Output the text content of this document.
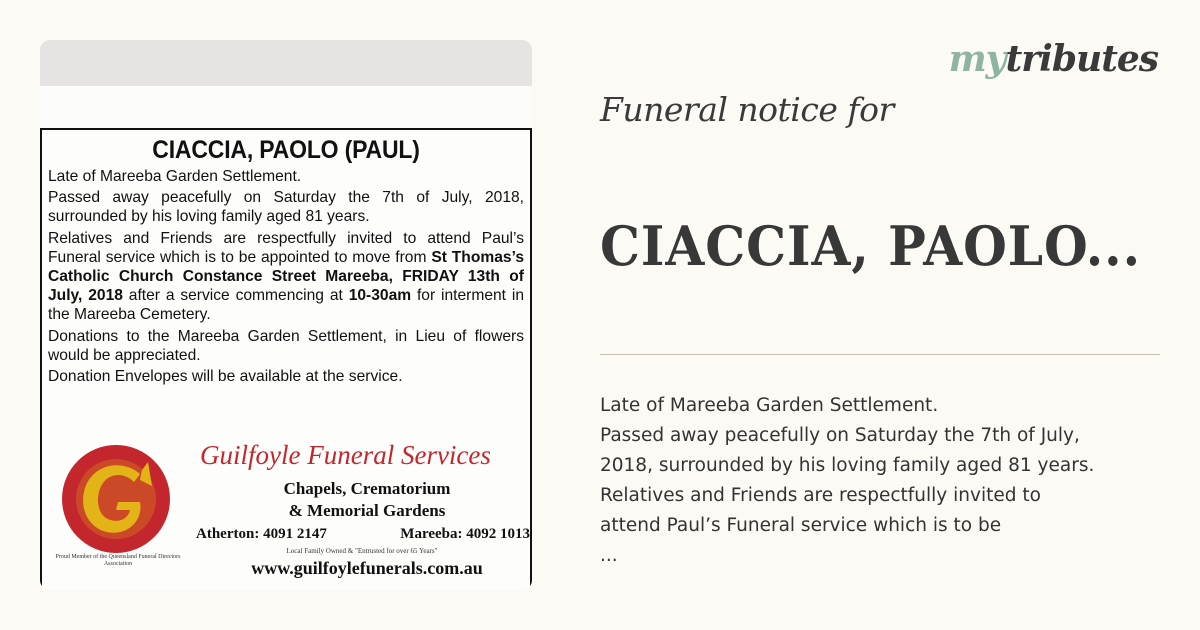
CIACCIA, PAOLO (PAUL)

Late of Mareeba Garden Settlement.

Passed away peacefully on Saturday the 7th of July, 2018, surrounded by his loving family aged 81 years.

Relatives and Friends are respectfully invited to attend Paul’s Funeral service which is to be appointed to move from St Thomas’s Catholic Church Constance Street Mareeba, FRIDAY 13th of July, 2018 after a service commencing at 10-30am for interment in the Mareeba Cemetery.

Donations to the Mareeba Garden Settlement, in Lieu of flowers would be appreciated.

Donation Envelopes will be available at the service.

Proud Member of the Queensland Funeral Directors Association
Guilfoyle Funeral Services
Chapels, Crematorium
& Memorial Gardens
Atherton: 4091 2147	Mareeba: 4092 1013
Local Family Owned & "Entrusted for over 65 Years"
www.guilfoylefunerals.com.au
mytributes
Funeral notice for
CIACCIA, PAOLO...
Late of Mareeba Garden Settlement.
Passed away peacefully on Saturday the 7th of July,
2018, surrounded by his loving family aged 81 years.
Relatives and Friends are respectfully invited to
attend Paul’s Funeral service which is to be
...
